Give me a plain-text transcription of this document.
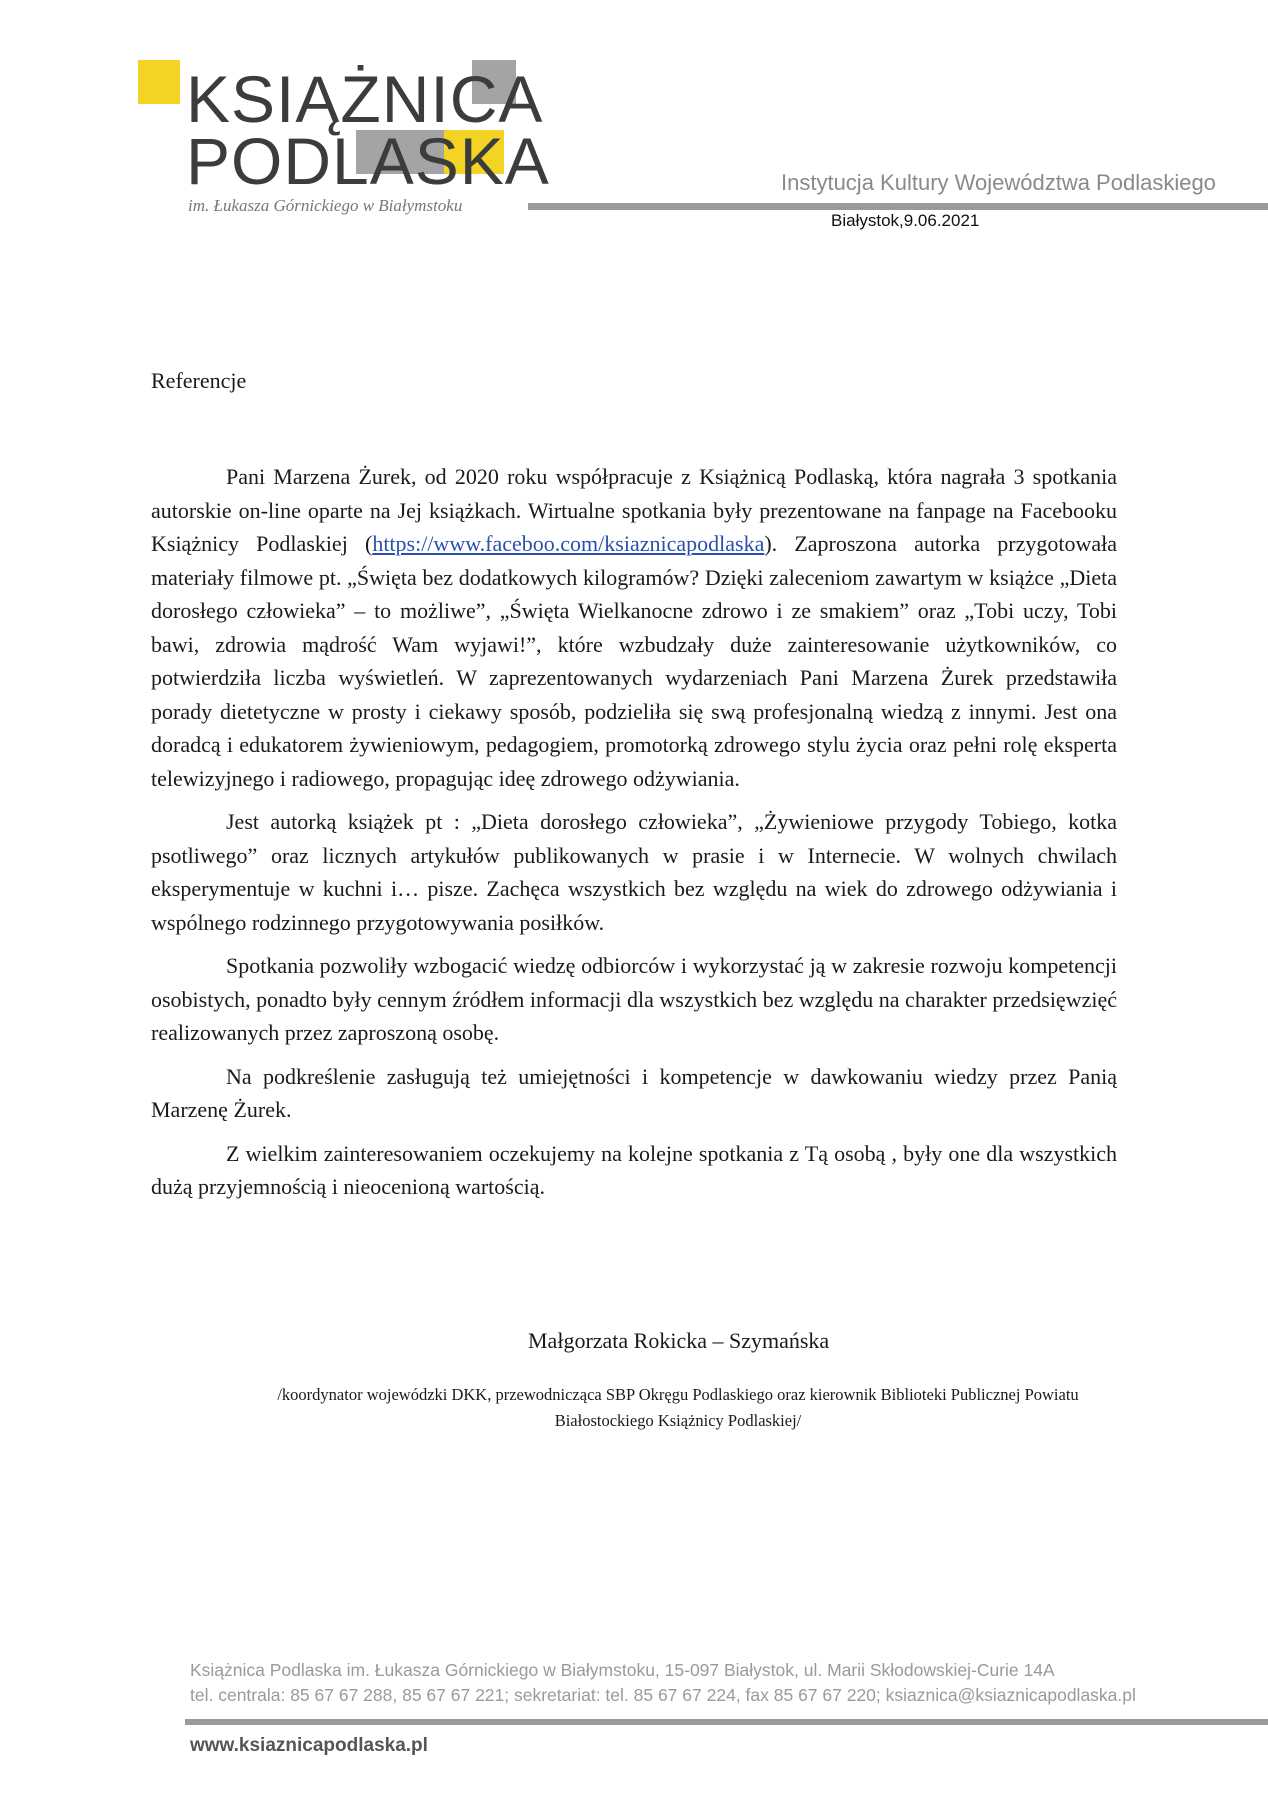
KSIĄŻNICA
PODLASKA
im. Łukasza Górnickiego w Białymstoku
Instytucja Kultury Województwa Podlaskiego
Białystok,9.06.2021
Referencje

Pani Marzena Żurek, od 2020 roku współpracuje z Książnicą Podlaską, która nagrała 3 spotkania autorskie on-line oparte na Jej książkach. Wirtualne spotkania były prezentowane na fanpage na Facebooku Książnicy Podlaskiej (https://www.faceboo.com/ksiaznicapodlaska). Zaproszona autorka przygotowała materiały filmowe pt. „Święta bez dodatkowych kilogramów? Dzięki zaleceniom zawartym w książce „Dieta dorosłego człowieka” – to możliwe”, „Święta Wielkanocne zdrowo i ze smakiem” oraz „Tobi uczy, Tobi bawi, zdrowia mądrość Wam wyjawi!”, które wzbudzały duże zainteresowanie użytkowników, co potwierdziła liczba wyświetleń. W zaprezentowanych wydarzeniach Pani Marzena Żurek przedstawiła porady dietetyczne w prosty i ciekawy sposób, podzieliła się swą profesjonalną wiedzą z innymi. Jest ona doradcą i edukatorem żywieniowym, pedagogiem, promotorką zdrowego stylu życia oraz pełni rolę eksperta telewizyjnego i radiowego, propagując ideę zdrowego odżywiania.

Jest autorką książek pt : „Dieta dorosłego człowieka”, „Żywieniowe przygody Tobiego, kotka psotliwego” oraz licznych artykułów publikowanych w prasie i w Internecie. W wolnych chwilach eksperymentuje w kuchni i… pisze. Zachęca wszystkich bez względu na wiek do zdrowego odżywiania i wspólnego rodzinnego przygotowywania posiłków.

Spotkania pozwoliły wzbogacić wiedzę odbiorców i wykorzystać ją w zakresie rozwoju kompetencji osobistych, ponadto były cennym źródłem informacji dla wszystkich bez względu na charakter przedsięwzięć realizowanych przez zaproszoną osobę.

Na podkreślenie zasługują też umiejętności i kompetencje w dawkowaniu wiedzy przez Panią Marzenę Żurek.

Z wielkim zainteresowaniem oczekujemy na kolejne spotkania z Tą osobą , były one dla wszystkich dużą przyjemnością i nieocenioną wartością.

Małgorzata Rokicka – Szymańska
/koordynator wojewódzki DKK, przewodnicząca SBP Okręgu Podlaskiego oraz kierownik Biblioteki Publicznej Powiatu Białostockiego Książnicy Podlaskiej/
Książnica Podlaska im. Łukasza Górnickiego w Białymstoku, 15-097 Białystok, ul. Marii Skłodowskiej-Curie 14A
tel. centrala: 85 67 67 288, 85 67 67 221; sekretariat: tel. 85 67 67 224, fax 85 67 67 220; ksiaznica@ksiaznicapodlaska.pl
www.ksiaznicapodlaska.pl
